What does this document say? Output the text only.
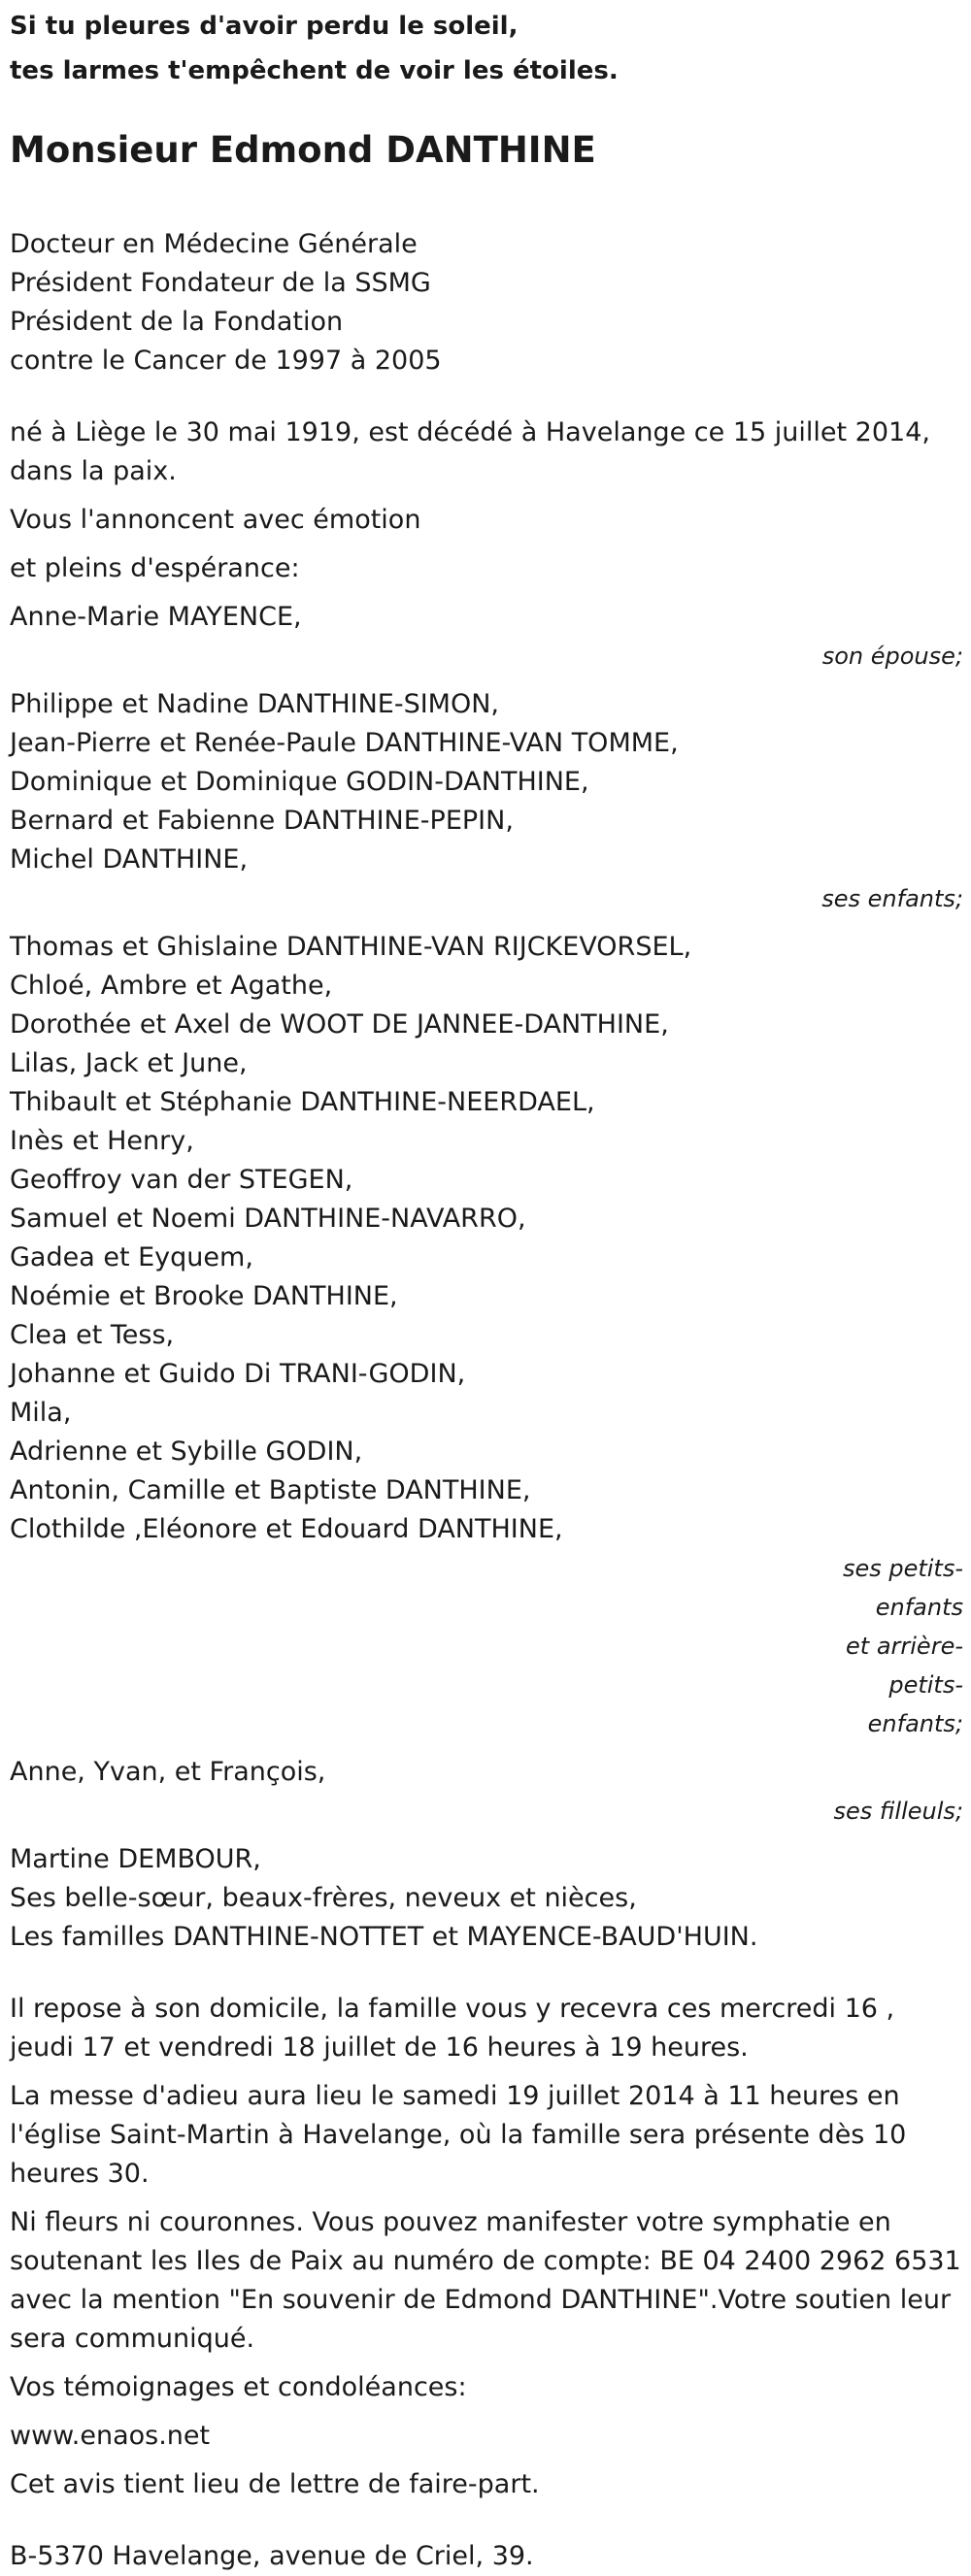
Si tu pleures d'avoir perdu le soleil,

tes larmes t'empêchent de voir les étoiles.

Monsieur Edmond DANTHINE

Docteur en Médecine Générale

Président Fondateur de la SSMG

Président de la Fondation

contre le Cancer de 1997 à 2005

né à Liège le 30 mai 1919, est décédé à Havelange ce 15 juillet 2014, dans la paix.

Vous l'annoncent avec émotion

et pleins d'espérance:

Anne-Marie MAYENCE,

son épouse;

Philippe et Nadine DANTHINE-SIMON,

Jean-Pierre et Renée-Paule DANTHINE-VAN TOMME,

Dominique et Dominique GODIN-DANTHINE,

Bernard et Fabienne DANTHINE-PEPIN,

Michel DANTHINE,

ses enfants;

Thomas et Ghislaine DANTHINE-VAN RIJCKEVORSEL,

Chloé, Ambre et Agathe,

Dorothée et Axel de WOOT DE JANNEE-DANTHINE,

Lilas, Jack et June,

Thibault et Stéphanie DANTHINE-NEERDAEL,

Inès et Henry,

Geoffroy van der STEGEN,

Samuel et Noemi DANTHINE-NAVARRO,

Gadea et Eyquem,

Noémie et Brooke DANTHINE,

Clea et Tess,

Johanne et Guido Di TRANI-GODIN,

Mila,

Adrienne et Sybille GODIN,

Antonin, Camille et Baptiste DANTHINE,

Clothilde ,Eléonore et Edouard DANTHINE,

ses petits-enfants
et arrière-petits-
enfants;

Anne, Yvan, et François,

ses filleuls;

Martine DEMBOUR,

Ses belle-sœur, beaux-frères, neveux et nièces,

Les familles DANTHINE-NOTTET et MAYENCE-BAUD'HUIN.

Il repose à son domicile, la famille vous y recevra ces mercredi 16 , jeudi 17 et vendredi 18 juillet de 16 heures à 19 heures.

La messe d'adieu aura lieu le samedi 19 juillet 2014 à 11 heures en l'église Saint-Martin à Havelange, où la famille sera présente dès 10 heures 30.

Ni fleurs ni couronnes. Vous pouvez manifester votre symphatie en soutenant les Iles de Paix au numéro de compte: BE 04 2400 2962 6531 avec la mention "En souvenir de Edmond DANTHINE".Votre soutien leur sera communiqué.

Vos témoignages et condoléances:

www.enaos.net

Cet avis tient lieu de lettre de faire-part.

B-5370 Havelange, avenue de Criel, 39.
